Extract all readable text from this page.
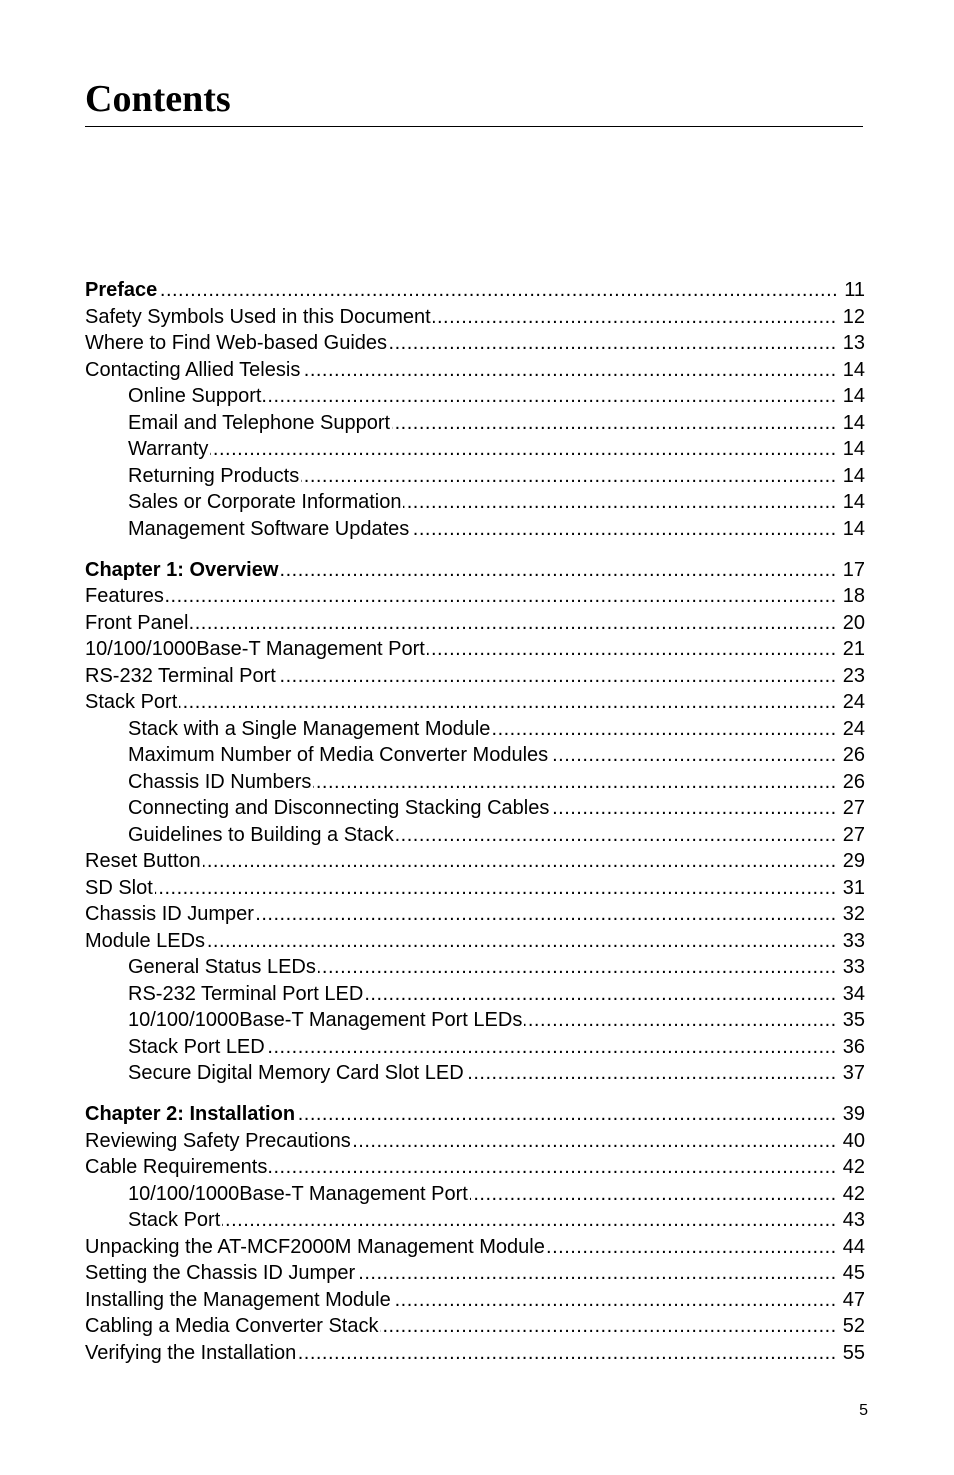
Contents
Preface .....	11
Safety Symbols Used in this Document .....	12
Where to Find Web-based Guides .....	13
Contacting Allied Telesis .....	14
Online Support .....	14
Email and Telephone Support .....	14
Warranty .....	14
Returning Products .....	14
Sales or Corporate Information .....	14
Management Software Updates .....	14
Chapter 1: Overview .....	17
Features .....	18
Front Panel .....	20
10/100/1000Base-T Management Port .....	21
RS-232 Terminal Port .....	23
Stack Port .....	24
Stack with a Single Management Module .....	24
Maximum Number of Media Converter Modules .....	26
Chassis ID Numbers .....	26
Connecting and Disconnecting Stacking Cables .....	27
Guidelines to Building a Stack .....	27
Reset Button .....	29
SD Slot .....	31
Chassis ID Jumper .....	32
Module LEDs .....	33
General Status LEDs .....	33
RS-232 Terminal Port LED .....	34
10/100/1000Base-T Management Port LEDs .....	35
Stack Port LED .....	36
Secure Digital Memory Card Slot LED .....	37
Chapter 2: Installation .....	39
Reviewing Safety Precautions .....	40
Cable Requirements .....	42
10/100/1000Base-T Management Port .....	42
Stack Port .....	43
Unpacking the AT-MCF2000M Management Module .....	44
Setting the Chassis ID Jumper .....	45
Installing the Management Module .....	47
Cabling a Media Converter Stack .....	52
Verifying the Installation .....	55
5
